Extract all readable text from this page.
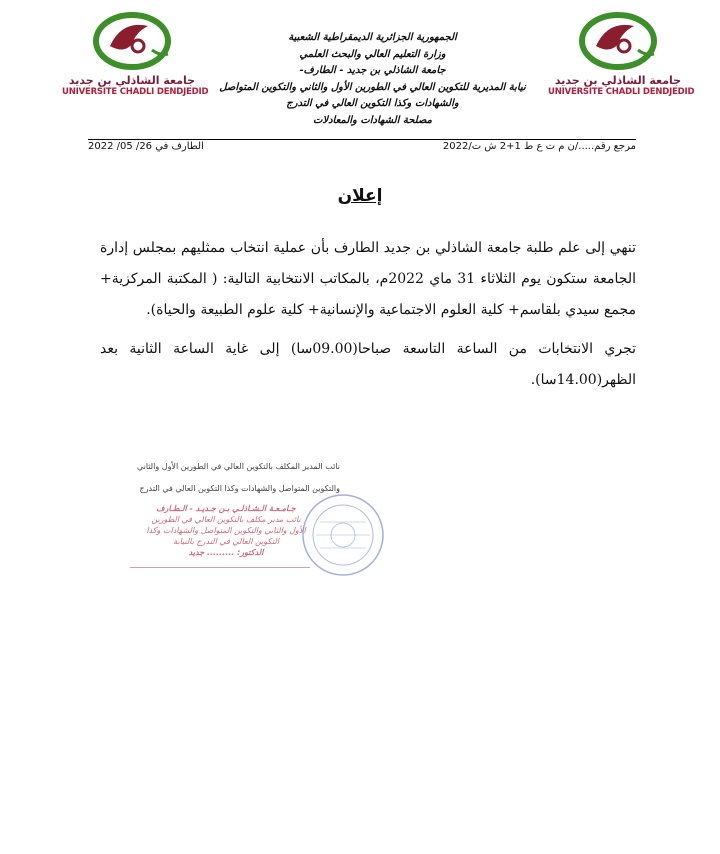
جامعة الشاذلي بن جديد
UNIVERSITE CHADLI DENDJEDID
جامعة الشاذلي بن جديد
UNIVERSITE CHADLI DENDJEDID
الجمهورية الجزائرية الديمقراطية الشعبية
وزارة التعليم العالي والبحث العلمي
جامعة الشاذلي بن جديد - الطارف-
نيابة المديرية للتكوين العالي في الطورين الأول والثاني والتكوين المتواصل
والشهادات وكذا التكوين العالي في التدرج
مصلحة الشهادات والمعادلات
مرجع رقم...../ن م ت ع ط 1+2 ش ت/2022
الطارف في 26/ 05/ 2022
إعلان

تنهي إلى علم طلبة جامعة الشاذلي بن جديد الطارف بأن عملية انتخاب ممثليهم بمجلس إدارة الجامعة ستكون يوم الثلاثاء 31 ماي 2022م، بالمكاتب الانتخابية التالية: ( المكتبة المركزية+ مجمع سيدي بلقاسم+ كلية العلوم الاجتماعية والإنسانية+ كلية علوم الطبيعة والحياة).

تجري الانتخابات من الساعة التاسعة صباحا(09.00سا) إلى غاية الساعة الثانية بعد الظهر(14.00سا).

نائب المدير المكلف بالتكوين العالي في الطورين الأول والثاني
والتكوين المتواصل والشهادات وكذا التكوين العالي في التدرج
جـامـعـة الـشـاذلـي بـن جـديـد - الـطـارف
نائب مدير مكلف بالتكوين العالي في الطورين
الأول والثاني والتكوين المتواصل والشهادات وكذا
التكوين العالي في التدرج بالنيابة
الدكتور: ......... جديد
